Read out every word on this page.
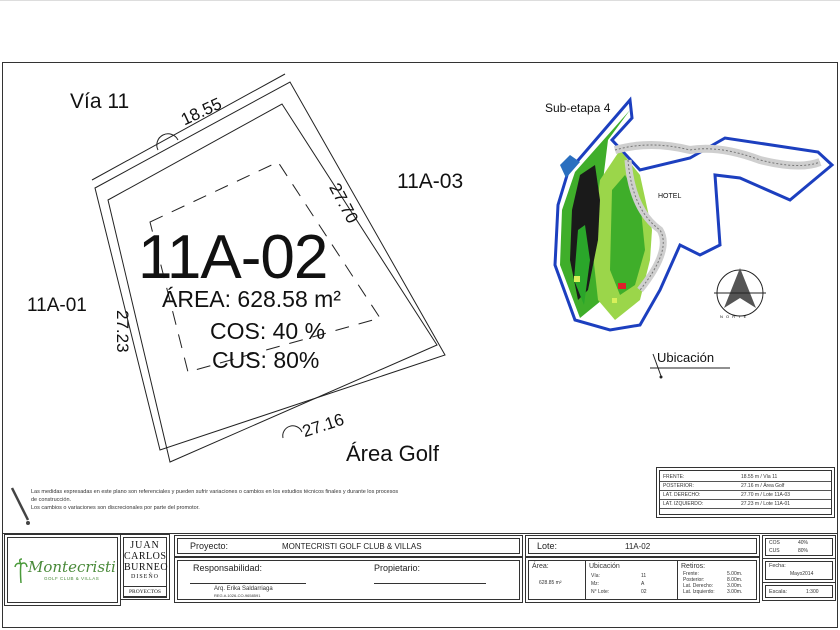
Vía 11
11A-03
11A-01
Área Golf
18.55
27.70
27.23
27.16
11A-02
ÁREA: 628.58 m²
COS: 40 %
CUS: 80%
Sub-etapa 4
HOTEL
N O R T E
Ubicación
Las medidas expresadas en este plano son referenciales y pueden sufrir variaciones o cambios en los estudios técnicos finales y durante los procesos de construcción.
Los cambios o variaciones son discrecionales por parte del promotor.
FRENTE:	18.55 m / Vía 11
POSTERIOR:	27.16 m / Área Golf
LAT. DERECHO:	27.70 m / Lote 11A-03
LAT. IZQUIERDO:	27.23 m / Lote 11A-01
Montecristi
GOLF CLUB & VILLAS
JUAN
CARLOS
BURNEO
DISEÑO
PROYECTOS
Proyecto:	MONTECRISTI GOLF CLUB & VILLAS
Responsabilidad:	Propietario:
Arq. Erika Saldarriaga
REG.#-1026-CO-9658591
Lote:	11A-02
Área:
628.85 m²
Ubicación
Vía:	11
Mz:	A
N° Lote:	02
Retiros:
Frente:	5.00m.
Posterior:	8.00m.
Lat. Derecho:	3.00m.
Lat. Izquierdo: 3.00m.
COS	40%
CUS	80%
Fecha:
Mayo2014
Escala:	1:300
